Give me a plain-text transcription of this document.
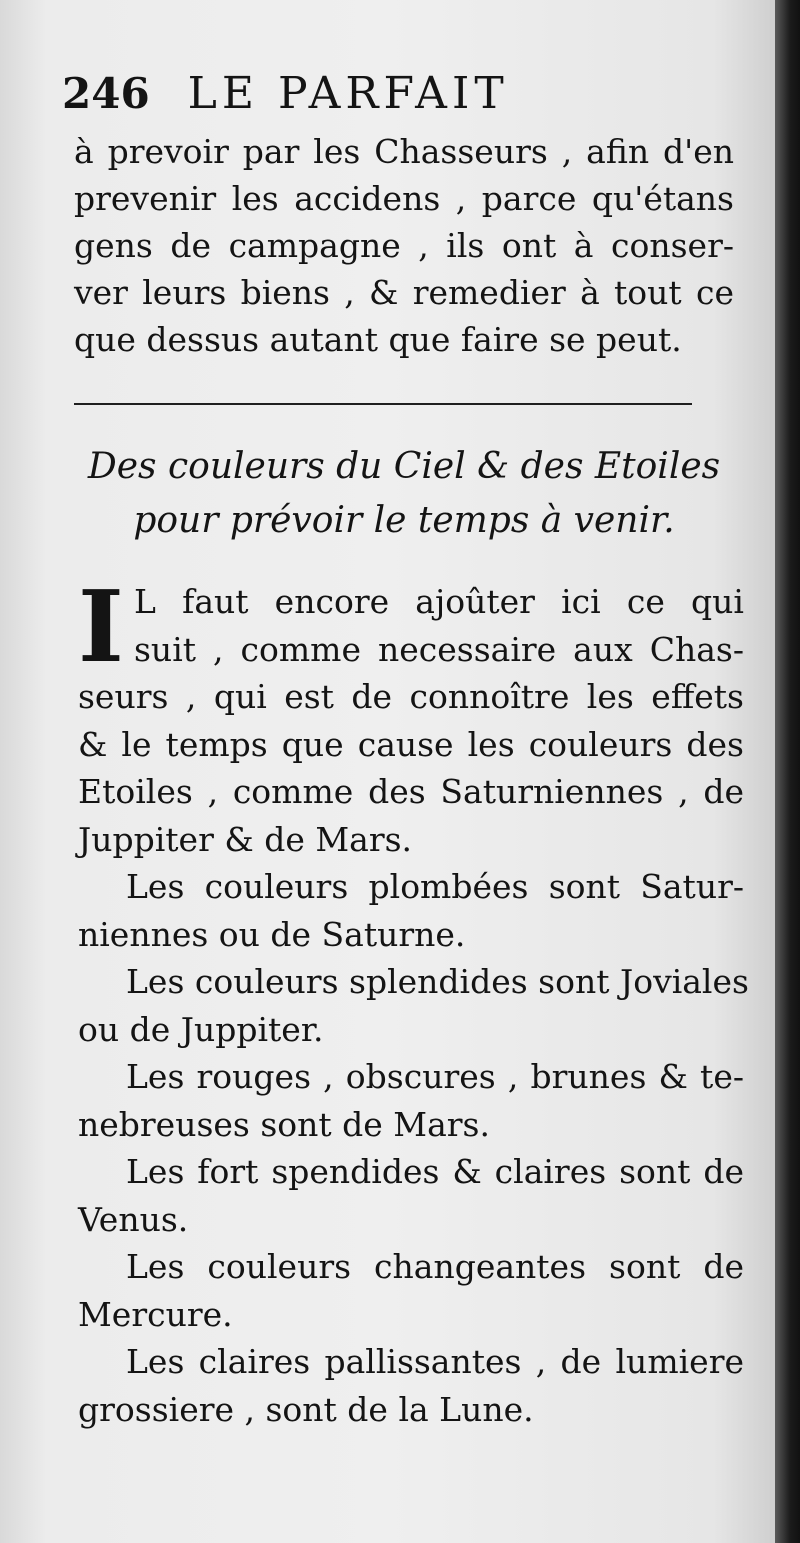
246 LE PARFAIT
à prevoir par les Chasseurs , afin d'en
prevenir les accidens , parce qu'étans
gens de campagne , ils ont à conser-
ver leurs biens , & remedier à tout ce
que dessus autant que faire se peut.
Des couleurs du Ciel & des Etoiles
pour prévoir le temps à venir.
I L faut encore ajoûter ici ce qui
suit , comme necessaire aux Chas-
seurs , qui est de connoître les effets
& le temps que cause les couleurs des
Etoiles , comme des Saturniennes , de
Juppiter & de Mars.
Les couleurs plombées sont Satur-
niennes ou de Saturne.
Les couleurs splendides sont Joviales
ou de Juppiter.
Les rouges , obscures , brunes & te-
nebreuses sont de Mars.
Les fort spendides & claires sont de
Venus.
Les couleurs changeantes sont de
Mercure.
Les claires pallissantes , de lumiere
grossiere , sont de la Lune.
